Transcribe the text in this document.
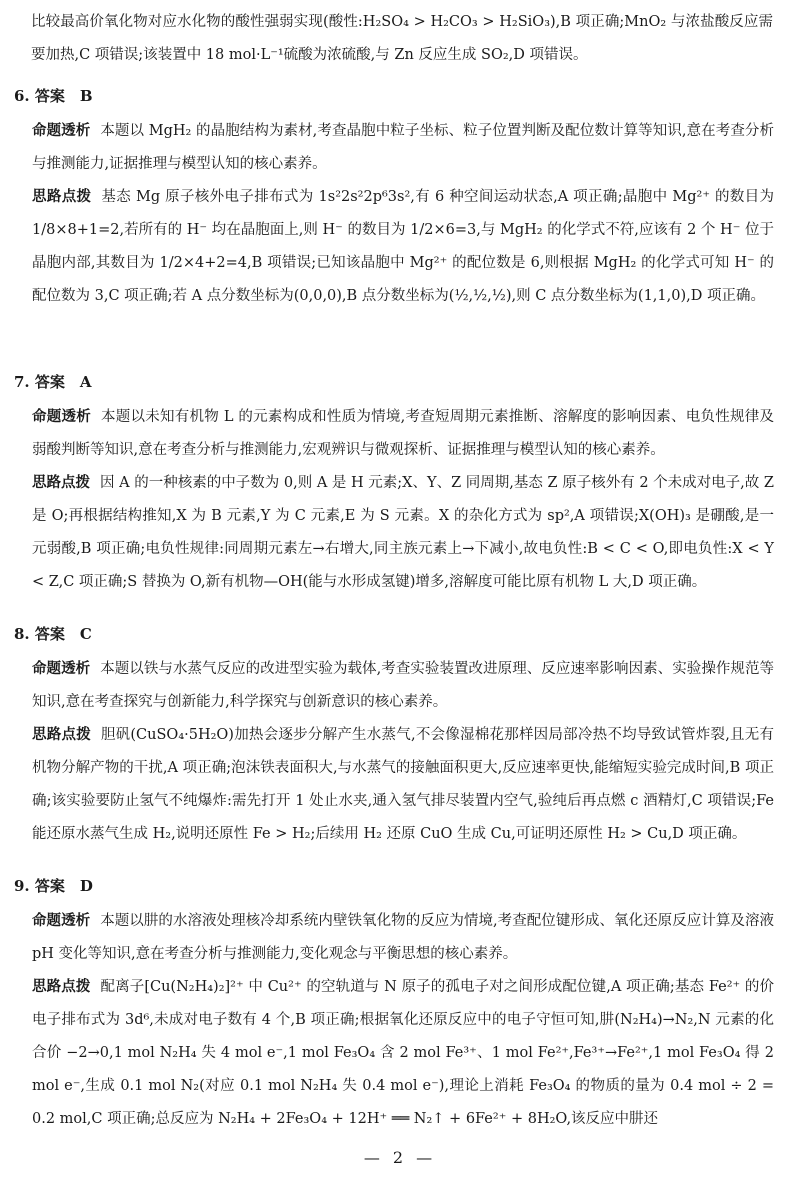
比较最高价氧化物对应水化物的酸性强弱实现(酸性:H₂SO₄ > H₂CO₃ > H₂SiO₃),B 项正确;MnO₂ 与浓盐酸反应需要加热,C 项错误;该装置中 18 mol·L⁻¹硫酸为浓硫酸,与 Zn 反应生成 SO₂,D 项错误。

6. 答案　B

命题透析 本题以 MgH₂ 的晶胞结构为素材,考查晶胞中粒子坐标、粒子位置判断及配位数计算等知识,意在考查分析与推测能力,证据推理与模型认知的核心素养。

思路点拨 基态 Mg 原子核外电子排布式为 1s²2s²2p⁶3s²,有 6 种空间运动状态,A 项正确;晶胞中 Mg²⁺ 的数目为 1/8×8+1=2,若所有的 H⁻ 均在晶胞面上,则 H⁻ 的数目为 1/2×6=3,与 MgH₂ 的化学式不符,应该有 2 个 H⁻ 位于晶胞内部,其数目为 1/2×4+2=4,B 项错误;已知该晶胞中 Mg²⁺ 的配位数是 6,则根据 MgH₂ 的化学式可知 H⁻ 的配位数为 3,C 项正确;若 A 点分数坐标为(0,0,0),B 点分数坐标为(½,½,½),则 C 点分数坐标为(1,1,0),D 项正确。

7. 答案　A

命题透析 本题以未知有机物 L 的元素构成和性质为情境,考查短周期元素推断、溶解度的影响因素、电负性规律及弱酸判断等知识,意在考查分析与推测能力,宏观辨识与微观探析、证据推理与模型认知的核心素养。

思路点拨 因 A 的一种核素的中子数为 0,则 A 是 H 元素;X、Y、Z 同周期,基态 Z 原子核外有 2 个未成对电子,故 Z 是 O;再根据结构推知,X 为 B 元素,Y 为 C 元素,E 为 S 元素。X 的杂化方式为 sp²,A 项错误;X(OH)₃ 是硼酸,是一元弱酸,B 项正确;电负性规律:同周期元素左→右增大,同主族元素上→下减小,故电负性:B < C < O,即电负性:X < Y < Z,C 项正确;S 替换为 O,新有机物—OH(能与水形成氢键)增多,溶解度可能比原有机物 L 大,D 项正确。

8. 答案　C

命题透析 本题以铁与水蒸气反应的改进型实验为载体,考查实验装置改进原理、反应速率影响因素、实验操作规范等知识,意在考查探究与创新能力,科学探究与创新意识的核心素养。

思路点拨 胆矾(CuSO₄·5H₂O)加热会逐步分解产生水蒸气,不会像湿棉花那样因局部冷热不均导致试管炸裂,且无有机物分解产物的干扰,A 项正确;泡沫铁表面积大,与水蒸气的接触面积更大,反应速率更快,能缩短实验完成时间,B 项正确;该实验要防止氢气不纯爆炸:需先打开 1 处止水夹,通入氢气排尽装置内空气,验纯后再点燃 c 酒精灯,C 项错误;Fe 能还原水蒸气生成 H₂,说明还原性 Fe > H₂;后续用 H₂ 还原 CuO 生成 Cu,可证明还原性 H₂ > Cu,D 项正确。

9. 答案　D

命题透析 本题以肼的水溶液处理核冷却系统内壁铁氧化物的反应为情境,考查配位键形成、氧化还原反应计算及溶液 pH 变化等知识,意在考查分析与推测能力,变化观念与平衡思想的核心素养。

思路点拨 配离子[Cu(N₂H₄)₂]²⁺ 中 Cu²⁺ 的空轨道与 N 原子的孤电子对之间形成配位键,A 项正确;基态 Fe²⁺ 的价电子排布式为 3d⁶,未成对电子数有 4 个,B 项正确;根据氧化还原反应中的电子守恒可知,肼(N₂H₄)→N₂,N 元素的化合价 −2→0,1 mol N₂H₄ 失 4 mol e⁻,1 mol Fe₃O₄ 含 2 mol Fe³⁺、1 mol Fe²⁺,Fe³⁺→Fe²⁺,1 mol Fe₃O₄ 得 2 mol e⁻,生成 0.1 mol N₂(对应 0.1 mol N₂H₄ 失 0.4 mol e⁻),理论上消耗 Fe₃O₄ 的物质的量为 0.4 mol ÷ 2 = 0.2 mol,C 项正确;总反应为 N₂H₄ + 2Fe₃O₄ + 12H⁺ ══ N₂↑ + 6Fe²⁺ + 8H₂O,该反应中肼还

— 2 —
